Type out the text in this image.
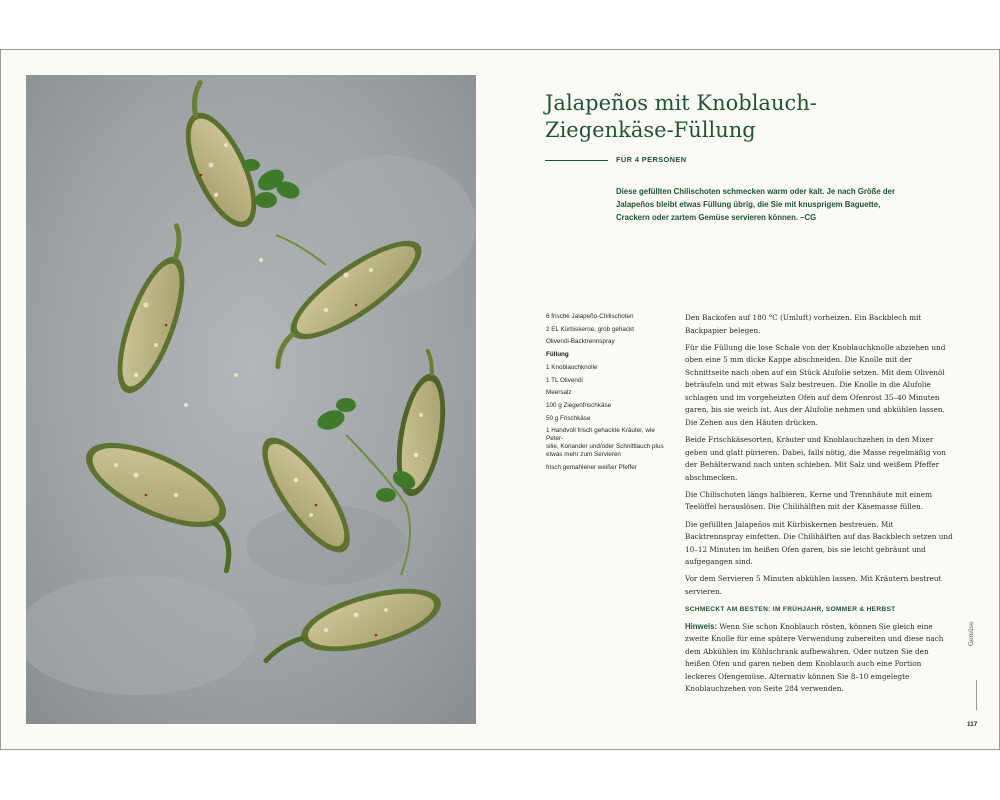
Jalapeños mit Knoblauch-
Ziegenkäse-Füllung
FÜR 4 PERSONEN

Diese gefüllten Chilischoten schmecken warm oder kalt. Je nach Größe der
Jalapeños bleibt etwas Füllung übrig, die Sie mit knusprigem Baguette,
Crackern oder zartem Gemüse servieren können. –CG

6 frische Jalapeño-Chilischoten
2 EL Kürbiskerne, grob gehackt
Olivenöl-Backtrennspray
Füllung
1 Knoblauchknolle
1 TL Olivenöl
Meersalz
100 g Ziegenfrischkäse
50 g Frischkäse
1 Handvoll frisch gehackte Kräuter, wie Peter-
silie, Koriander und/oder Schnittlauch plus
etwas mehr zum Servieren
frisch gemahlener weißer Pfeffer

Den Backofen auf 180 °C (Umluft) vorheizen. Ein Backblech mit Backpapier belegen.

Für die Füllung die lose Schale von der Knoblauchknolle abziehen und oben eine 5 mm dicke Kappe abschneiden. Die Knolle mit der Schnittseite nach oben auf ein Stück Alufolie setzen. Mit dem Olivenöl beträufeln und mit etwas Salz bestreuen. Die Knolle in die Alufolie schlagen und im vorgeheizten Ofen auf dem Ofenrost 35–40 Minuten garen, bis sie weich ist. Aus der Alufolie nehmen und abkühlen lassen. Die Zehen aus den Häuten drücken.

Beide Frischkäsesorten, Kräuter und Knoblauchzehen in den Mixer geben und glatt pürieren. Dabei, falls nötig, die Masse regelmäßig von der Behälterwand nach unten schieben. Mit Salz und weißem Pfeffer abschmecken.

Die Chilischoten längs halbieren, Kerne und Trennhäute mit einem Teelöffel herauslösen. Die Chilihälften mit der Käsemasse füllen.

Die gefüllten Jalapeños mit Kürbiskernen bestreuen. Mit Backtrennspray einfetten. Die Chilihälften auf das Backblech setzen und 10–12 Minuten im heißen Ofen garen, bis sie leicht gebräunt und aufgegangen sind.

Vor dem Servieren 5 Minuten abkühlen lassen. Mit Kräutern bestreut servieren.

SCHMECKT AM BESTEN: IM FRÜHJAHR, SOMMER & HERBST

Hinweis: Wenn Sie schon Knoblauch rösten, können Sie gleich eine zweite Knolle für eine spätere Verwendung zubereiten und diese nach dem Abkühlen im Kühlschrank aufbewahren. Oder nutzen Sie den heißen Ofen und garen neben dem Knoblauch auch eine Portion leckeres Ofengemüse. Alternativ können Sie 8–10 eingelegte Knoblauchzehen von Seite 284 verwenden.

Gemüse
117
